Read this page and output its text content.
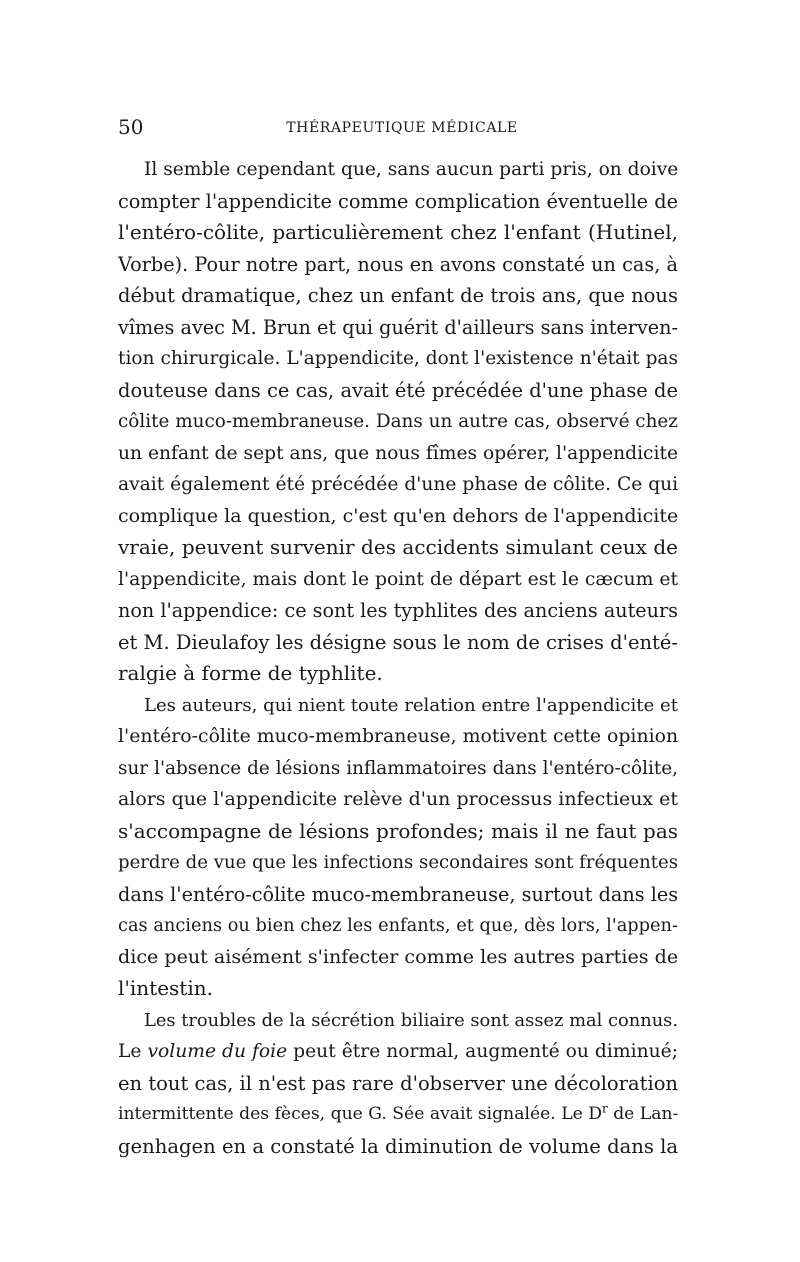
50	THÉRAPEUTIQUE MÉDICALE

Il semble cependant que, sans aucun parti pris, on doive
compter l'appendicite comme complication éventuelle de
l'entéro-côlite, particulièrement chez l'enfant (Hutinel,
Vorbe). Pour notre part, nous en avons constaté un cas, à
début dramatique, chez un enfant de trois ans, que nous
vîmes avec M. Brun et qui guérit d'ailleurs sans interven-
tion chirurgicale. L'appendicite, dont l'existence n'était pas
douteuse dans ce cas, avait été précédée d'une phase de
côlite muco-membraneuse. Dans un autre cas, observé chez
un enfant de sept ans, que nous fîmes opérer, l'appendicite
avait également été précédée d'une phase de côlite. Ce qui
complique la question, c'est qu'en dehors de l'appendicite
vraie, peuvent survenir des accidents simulant ceux de
l'appendicite, mais dont le point de départ est le cæcum et
non l'appendice: ce sont les typhlites des anciens auteurs
et M. Dieulafoy les désigne sous le nom de crises d'enté-
ralgie à forme de typhlite.

Les auteurs, qui nient toute relation entre l'appendicite et
l'entéro-côlite muco-membraneuse, motivent cette opinion
sur l'absence de lésions inflammatoires dans l'entéro-côlite,
alors que l'appendicite relève d'un processus infectieux et
s'accompagne de lésions profondes; mais il ne faut pas
perdre de vue que les infections secondaires sont fréquentes
dans l'entéro-côlite muco-membraneuse, surtout dans les
cas anciens ou bien chez les enfants, et que, dès lors, l'appen-
dice peut aisément s'infecter comme les autres parties de
l'intestin.

Les troubles de la sécrétion biliaire sont assez mal connus.
Le volume du foie peut être normal, augmenté ou diminué;
en tout cas, il n'est pas rare d'observer une décoloration
intermittente des fèces, que G. Sée avait signalée. Le $D^r$ de Lan-
genhagen en a constaté la diminution de volume dans la
